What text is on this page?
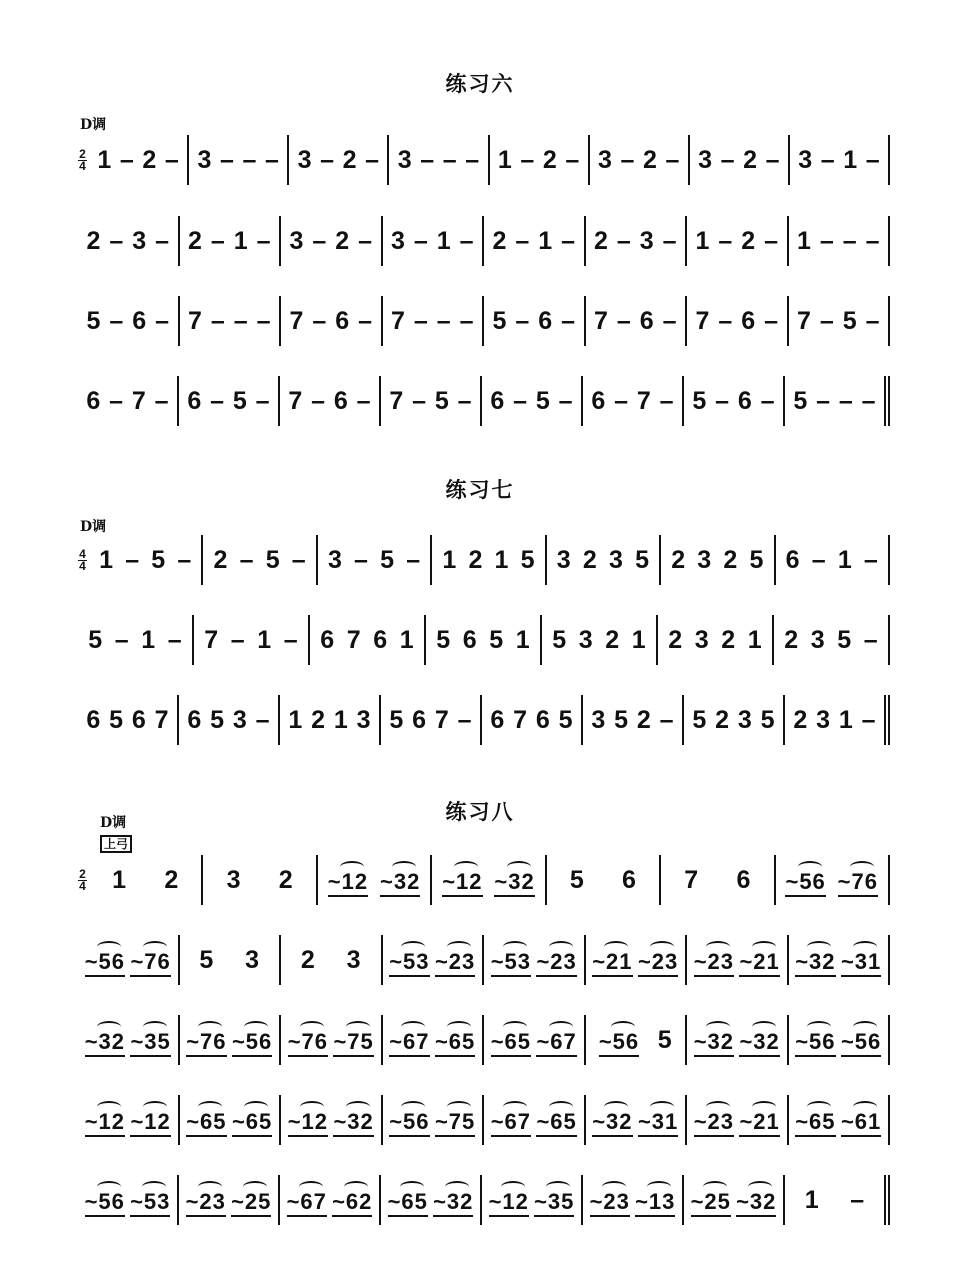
练习六
D调
2
4 1 – 2 – 3 – – – 3 – 2 – 3 – – – 1 – 2 – 3 – 2 – 3 – 2 – 3 – 1 –
2 – 3 – 2 – 1 – 3 – 2 – 3 – 1 – 2 – 1 – 2 – 3 – 1 – 2 – 1 – – –
5 – 6 – 7 – – – 7 – 6 – 7 – – – 5 – 6 – 7 – 6 – 7 – 6 – 7 – 5 –
6 – 7 – 6 – 5 – 7 – 6 – 7 – 5 – 6 – 5 – 6 – 7 – 5 – 6 – 5 – – –
练习七
D调
4
4 1 – 5 – 2 – 5 – 3 – 5 – 1 2 1 5 3 2 3 5 2 3 2 5 6 – 1 –
5 – 1 – 7 – 1 – 6 7 6 1 5 6 5 1 5 3 2 1 2 3 2 1 2 3 5 –
6 5 6 7 6 5 3 – 1 2 1 3 5 6 7 – 6 7 6 5 3 5 2 – 5 2 3 5 2 3 1 –
练习八
D调
上弓
2
4 1 2 3 2 ~12 ~32 ~12 ~32 5 6 7 6 ~56 ~76
~56 ~76 5 3 2 3 ~53 ~23 ~53 ~23 ~21 ~23 ~23 ~21 ~32 ~31
~32 ~35 ~76 ~56 ~76 ~75 ~67 ~65 ~65 ~67 ~56 5 ~32 ~32 ~56 ~56
~12 ~12 ~65 ~65 ~12 ~32 ~56 ~75 ~67 ~65 ~32 ~31 ~23 ~21 ~65 ~61
~56 ~53 ~23 ~25 ~67 ~62 ~65 ~32 ~12 ~35 ~23 ~13 ~25 ~32 1 –
